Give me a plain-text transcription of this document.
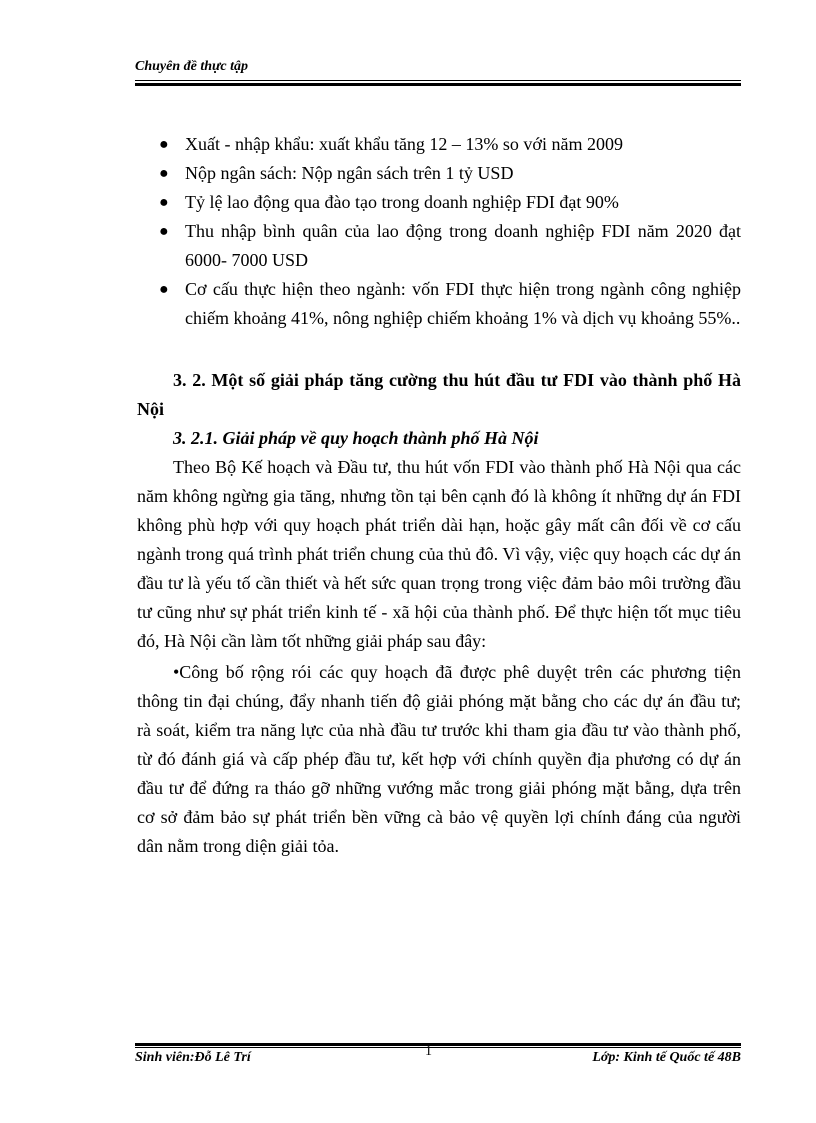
Chuyên đề thực tập
● Xuất - nhập khẩu: xuất khẩu tăng 12 – 13% so với năm 2009
● Nộp ngân sách: Nộp ngân sách trên 1 tỷ USD
● Tỷ lệ lao động qua đào tạo trong doanh nghiệp FDI đạt 90%
● Thu nhập bình quân của lao động trong doanh nghiệp FDI năm 2020 đạt 6000- 7000 USD
● Cơ cấu thực hiện theo ngành: vốn FDI thực hiện trong ngành công nghiệp chiếm khoảng 41%, nông nghiệp chiếm khoảng 1% và dịch vụ khoảng 55%..
3. 2. Một số giải pháp tăng cường thu hút đầu tư FDI vào thành phố Hà Nội
3. 2.1. Giải pháp về quy hoạch thành phố Hà Nội

Theo Bộ Kế hoạch và Đầu tư, thu hút vốn FDI vào thành phố Hà Nội qua các năm không ngừng gia tăng, nhưng tồn tại bên cạnh đó là không ít những dự án FDI không phù hợp với quy hoạch phát triển dài hạn, hoặc gây mất cân đối về cơ cấu ngành trong quá trình phát triển chung của thủ đô. Vì vậy, việc quy hoạch các dự án đầu tư là yếu tố cần thiết và hết sức quan trọng trong việc đảm bảo môi trường đầu tư cũng như sự phát triển kinh tế - xã hội của thành phố. Để thực hiện tốt mục tiêu đó, Hà Nội cần làm tốt những giải pháp sau đây:

•Công bố rộng rói các quy hoạch đã được phê duyệt trên các phương tiện thông tin đại chúng, đẩy nhanh tiến độ giải phóng mặt bằng cho các dự án đầu tư; rà soát, kiểm tra năng lực của nhà đầu tư trước khi tham gia đầu tư vào thành phố, từ đó đánh giá và cấp phép đầu tư, kết hợp với chính quyền địa phương có dự án đầu tư để đứng ra tháo gỡ những vướng mắc trong giải phóng mặt bằng, dựa trên cơ sở đảm bảo sự phát triển bền vững cà bảo vệ quyền lợi chính đáng của người dân nằm trong diện giải tỏa.

Sinh viên:Đỗ Lê Trí	1	Lớp: Kinh tế Quốc tế 48B
